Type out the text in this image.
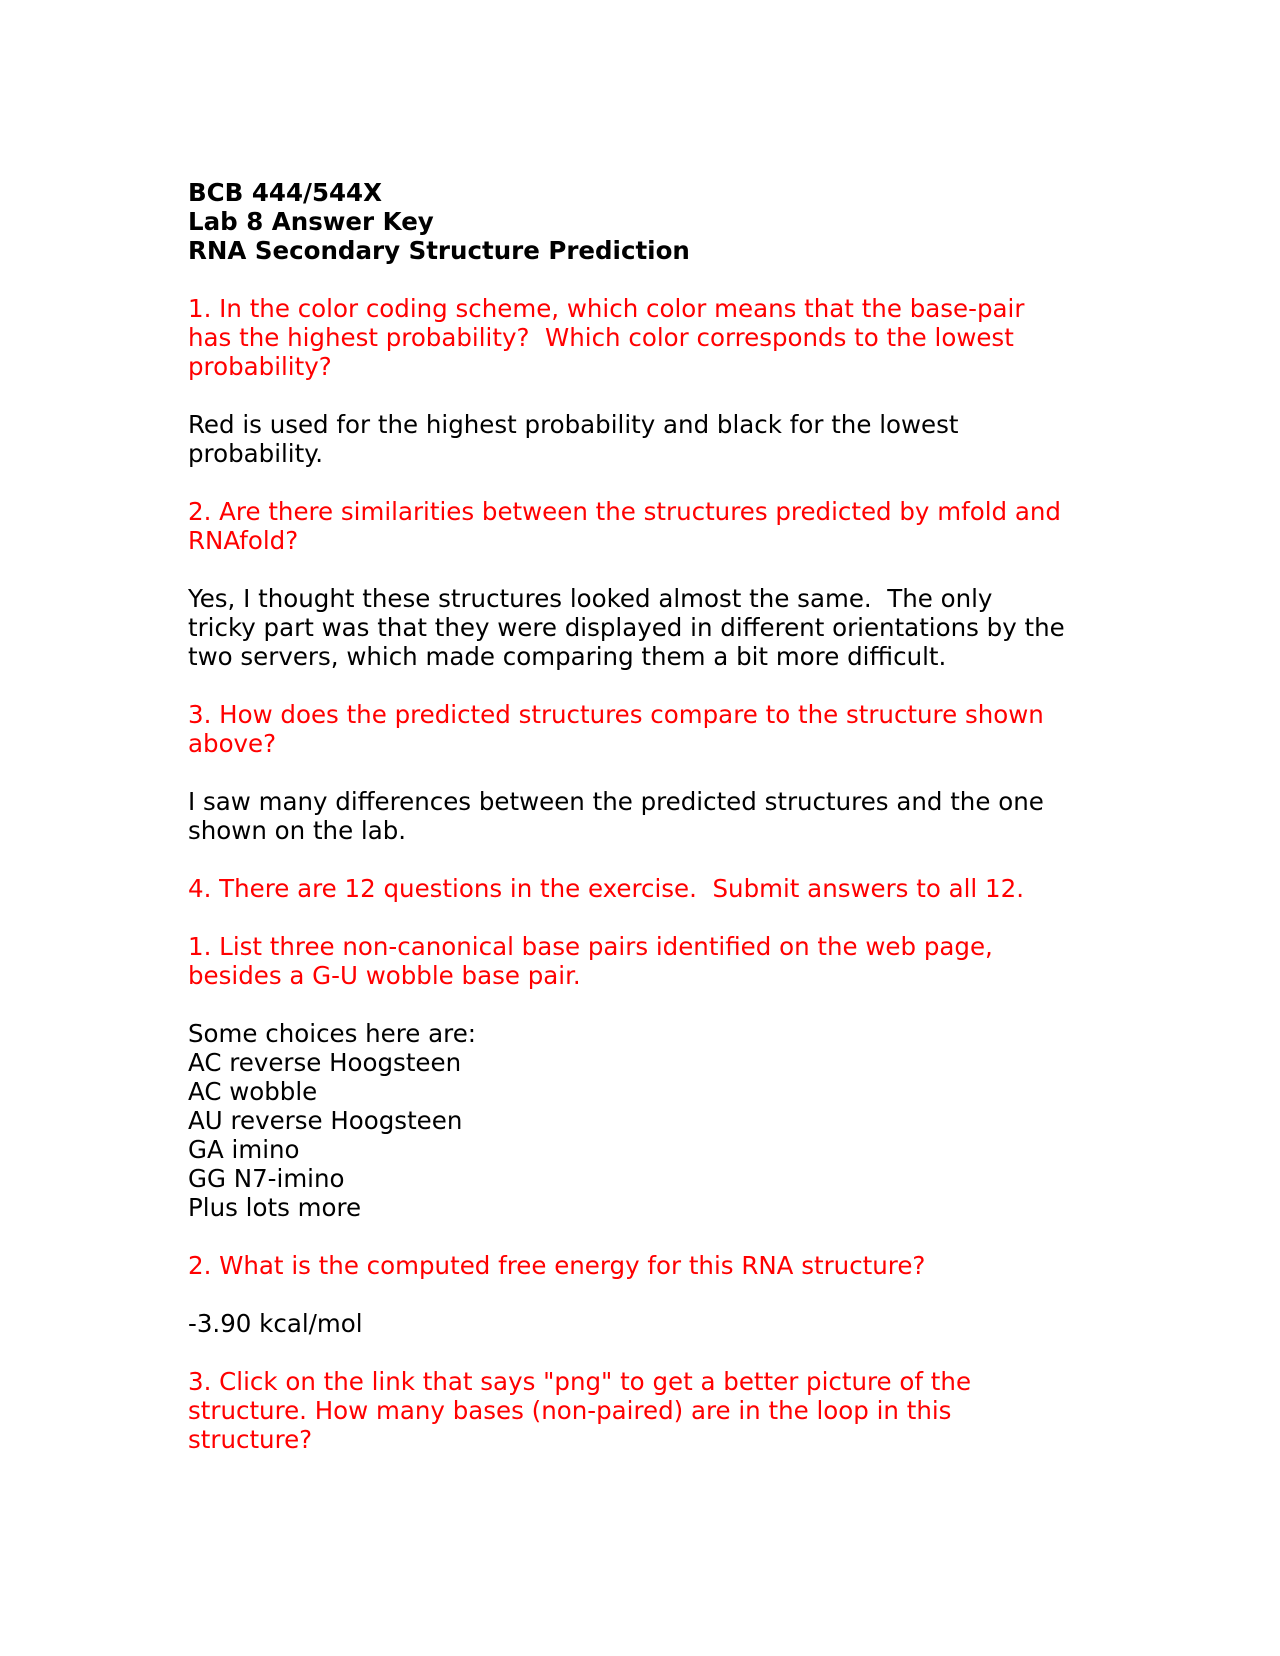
BCB 444/544X

Lab 8 Answer Key

RNA Secondary Structure Prediction

1. In the color coding scheme, which color means that the base-pair
has the highest probability?  Which color corresponds to the lowest
probability?
Red is used for the highest probability and black for the lowest
probability.
2. Are there similarities between the structures predicted by mfold and
RNAfold?
Yes, I thought these structures looked almost the same.  The only
tricky part was that they were displayed in different orientations by the
two servers, which made comparing them a bit more difficult.
3. How does the predicted structures compare to the structure shown
above?
I saw many differences between the predicted structures and the one
shown on the lab.
4. There are 12 questions in the exercise.  Submit answers to all 12.
1. List three non-canonical base pairs identified on the web page,
besides a G-U wobble base pair.
Some choices here are:
AC reverse Hoogsteen
AC wobble
AU reverse Hoogsteen
GA imino
GG N7-imino
Plus lots more
2. What is the computed free energy for this RNA structure?
-3.90 kcal/mol
3. Click on the link that says "png" to get a better picture of the
structure. How many bases (non-paired) are in the loop in this
structure?
